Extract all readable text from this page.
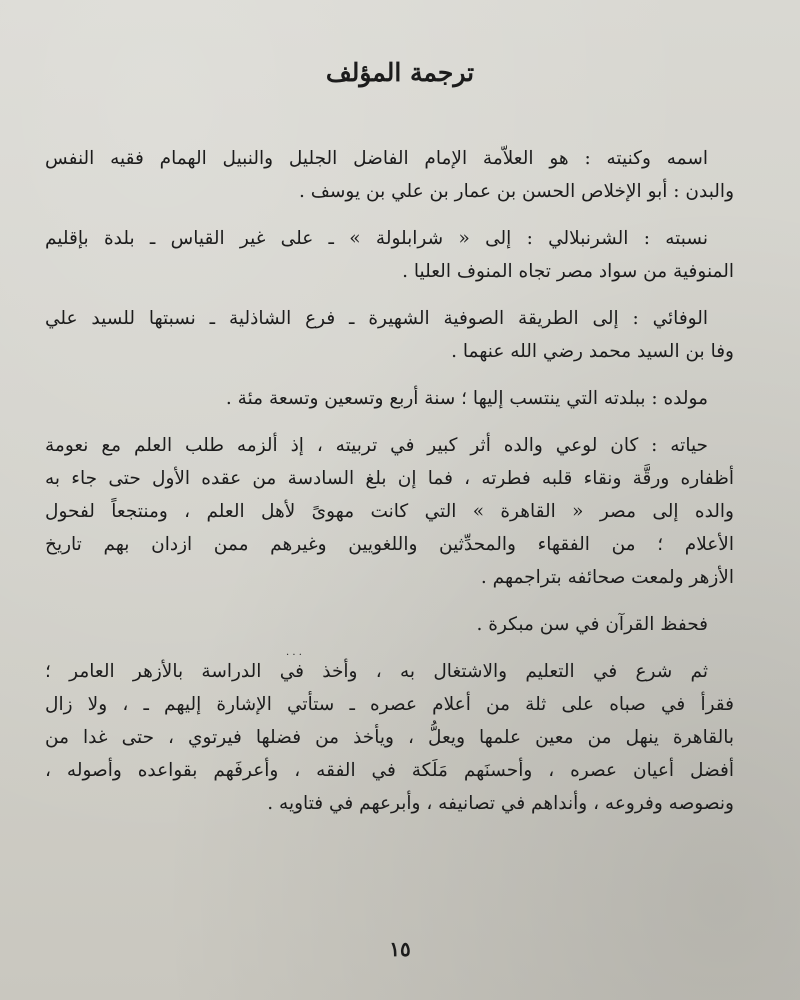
ترجمة المؤلف
اسمه وكنيته : هو العلاّمة الإمام الفاضل الجليل والنبيل الهمام فقيه النفس
والبدن : أبو الإخلاص الحسن بن عمار بن علي بن يوسف .
نسبته : الشرنبلالي : إلى « شرابلولة » ـ على غير القياس ـ بلدة بإقليم
المنوفية من سواد مصر تجاه المنوف العليا .
الوفائي : إلى الطريقة الصوفية الشهيرة ـ فرع الشاذلية ـ نسبتها للسيد علي
وفا بن السيد محمد رضي الله عنهما .
مولده : ببلدته التي ينتسب إليها ؛ سنة أربع وتسعين وتسعة مئة .
حياته : كان لوعي والده أثر كبير في تربيته ، إذ ألزمه طلب العلم مع نعومة
أظفاره ورقَّة ونقاء قلبه فطرته ، فما إن بلغ السادسة من عقده الأول حتى جاء به
والده إلى مصر « القاهرة » التي كانت مهوىً لأهل العلم ، ومنتجعاً لفحول
الأعلام ؛ من الفقهاء والمحدِّثين واللغويين وغيرهم ممن ازدان بهم تاريخ
الأزهر ولمعت صحائفه بتراجمهم .
فحفظ القرآن في سن مبكرة .
ثم شرع في التعليم والاشتغال به ، وأخذ في الدراسة بالأزهر العامر ؛
فقرأ في صباه على ثلة من أعلام عصره ـ ستأتي الإشارة إليهم ـ ، ولا زال
بالقاهرة ينهل من معين علمها ويعلُّ ، ويأخذ من فضلها فيرتوي ، حتى غدا من
أفضل أعيان عصره ، وأحسنَهم مَلَكة في الفقه ، وأعرفَهم بقواعده وأصوله ،
ونصوصه وفروعه ، وأنداهم في تصانيفه ، وأبرعهم في فتاويه .
· · ·
١٥
